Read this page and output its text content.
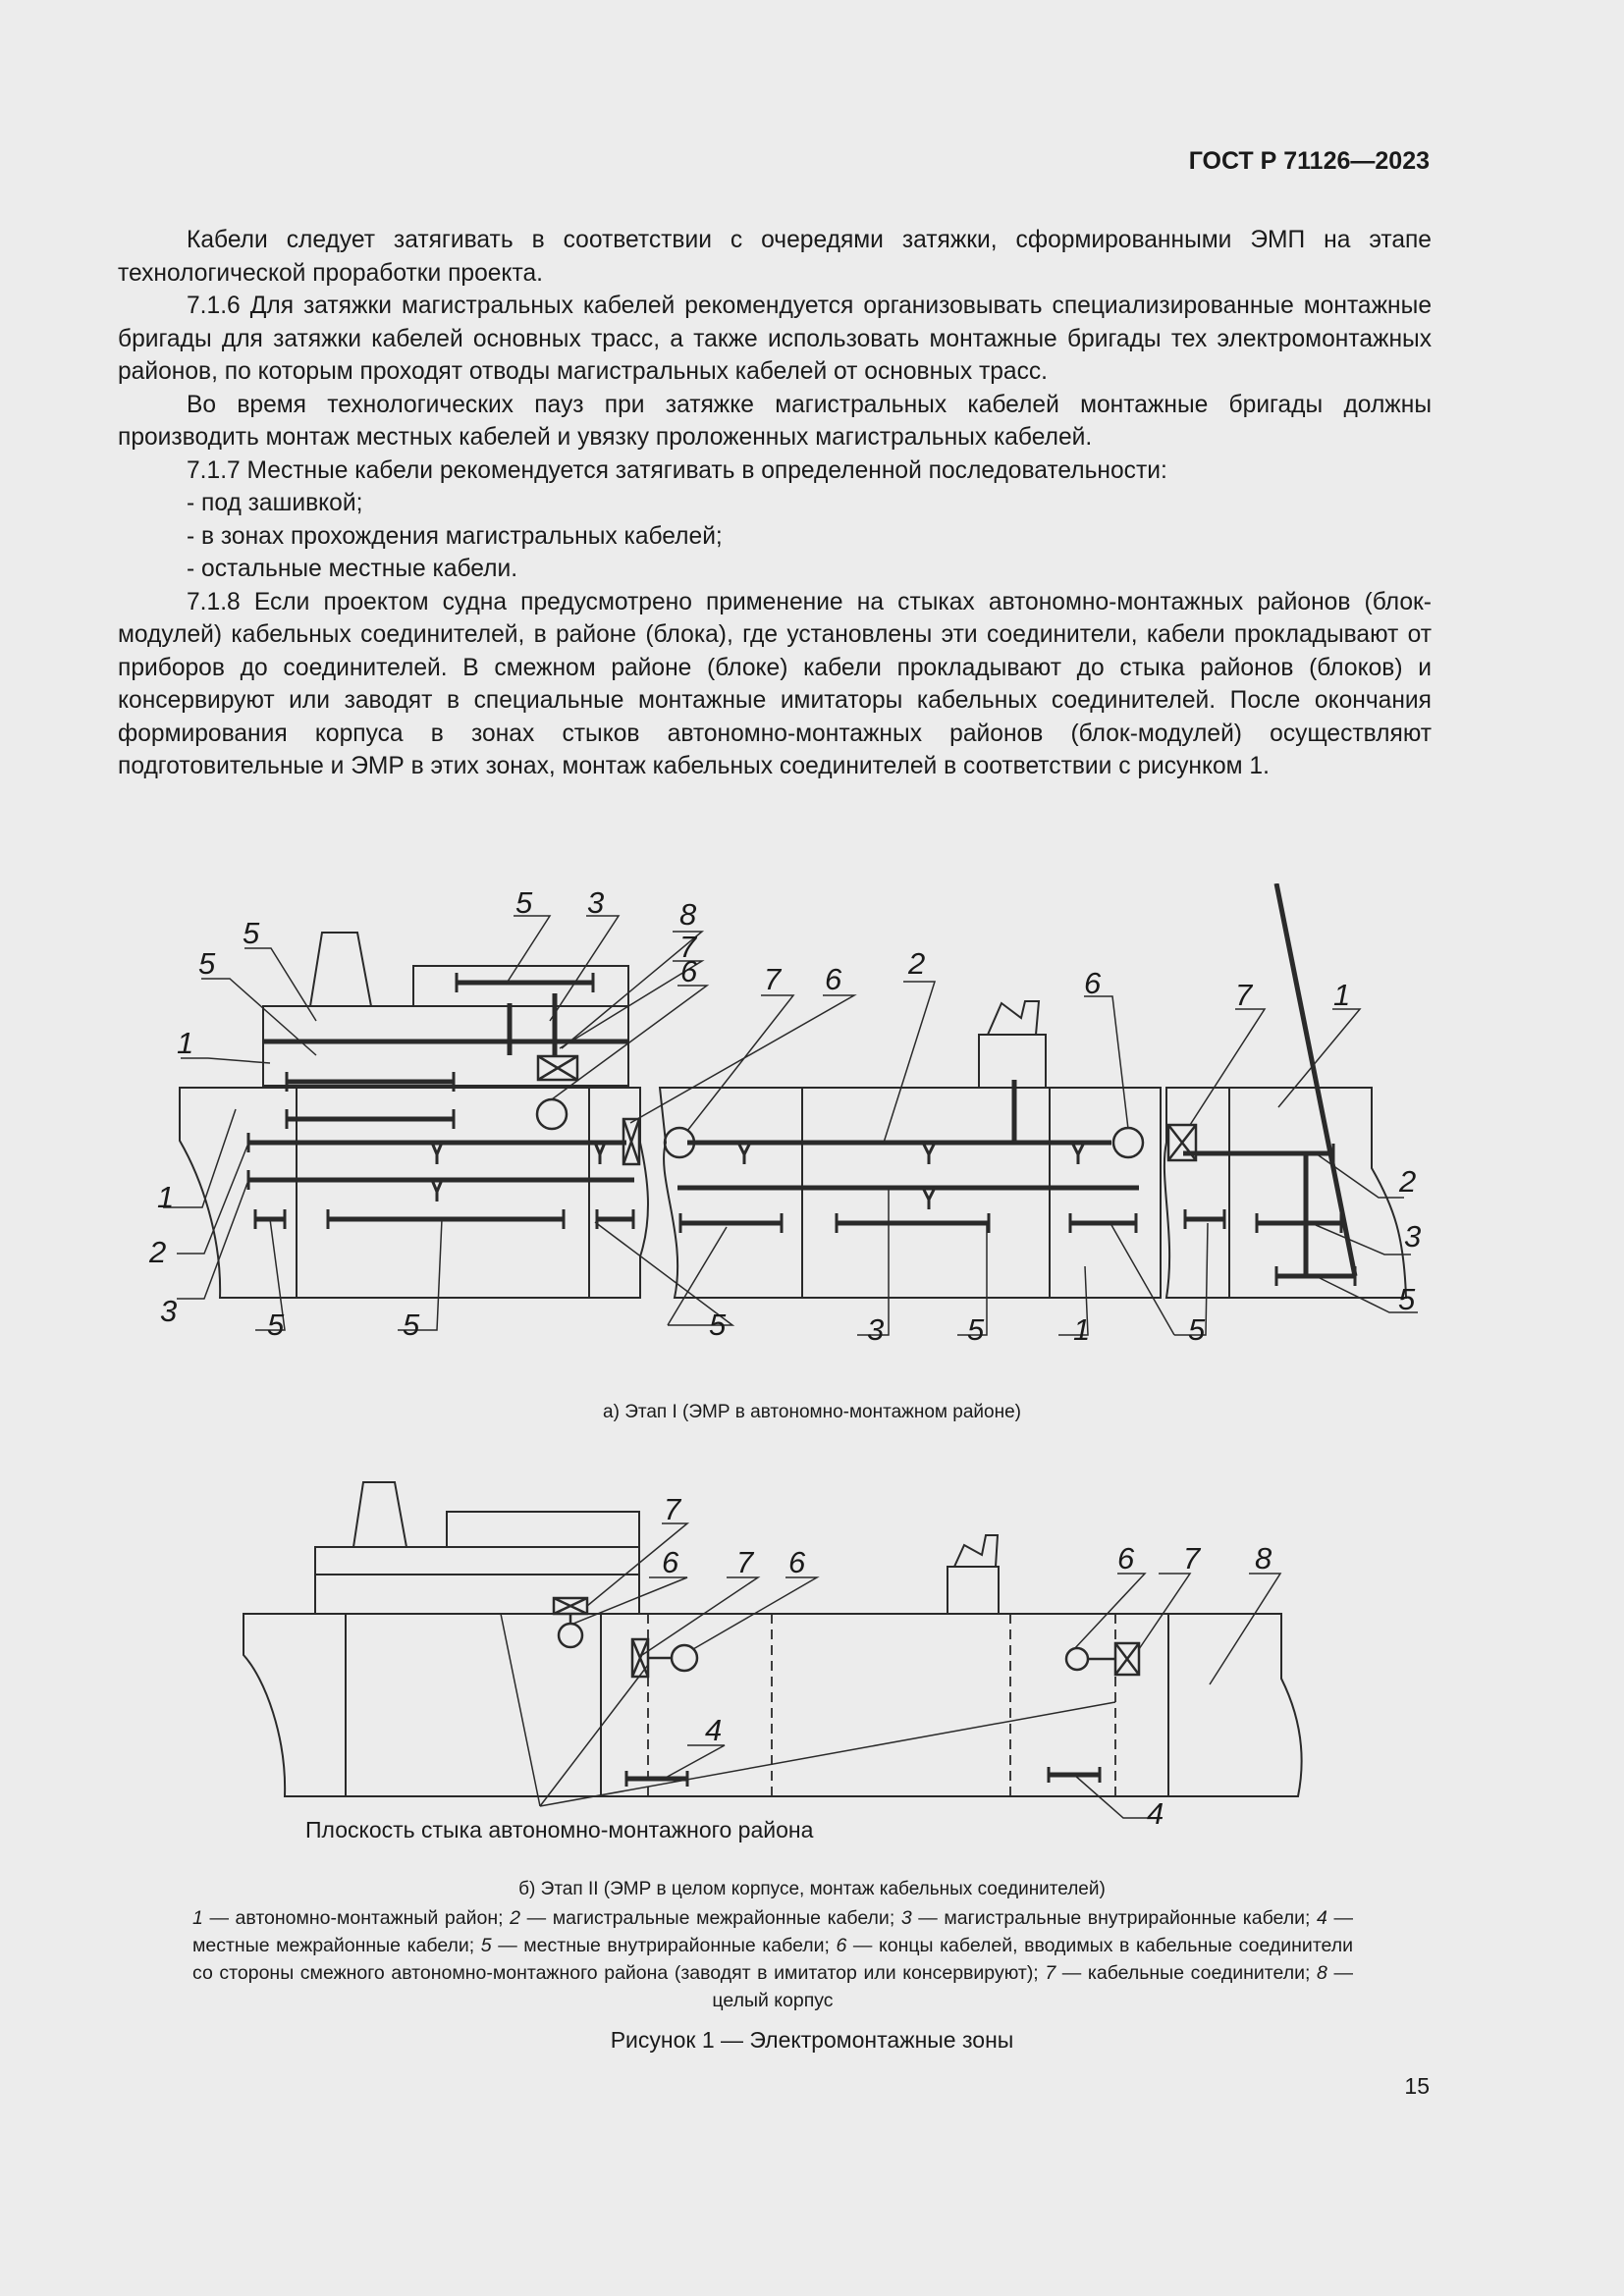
ГОСТ Р 71126—2023

Кабели следует затягивать в соответствии с очередями затяжки, сформированными ЭМП на этапе технологической проработки проекта.

7.1.6 Для затяжки магистральных кабелей рекомендуется организовывать специализированные монтажные бригады для затяжки кабелей основных трасс, а также использовать монтажные бригады тех электромонтажных районов, по которым проходят отводы магистральных кабелей от основных трасс.

Во время технологических пауз при затяжке магистральных кабелей монтажные бригады должны производить монтаж местных кабелей и увязку проложенных магистральных кабелей.

7.1.7 Местные кабели рекомендуется затягивать в определенной последовательности:

- под зашивкой;

- в зонах прохождения магистральных кабелей;

- остальные местные кабели.

7.1.8 Если проектом судна предусмотрено применение на стыках автономно-монтажных районов (блок-модулей) кабельных соединителей, в районе (блока), где установлены эти соединители, кабели прокладывают от приборов до соединителей. В смежном районе (блоке) кабели прокладывают до стыка районов (блоков) и консервируют или заводят в специальные монтажные имитаторы кабельных соединителей. После окончания формирования корпуса в зонах стыков автономно-монтажных районов (блок-модулей) осуществляют подготовительные и ЭМР в этих зонах, монтаж кабельных соединителей в соответствии с рисунком 1.

5
5
1
5 3 8
7
6 7 6 2
6	7	1
1
2
3	5	5	5	3	5	1	5
2
3
5
а) Этап I (ЭМР в автономно-монтажном районе)
7
6 7 6	6 7 8
4
4
Плоскость стыка автономно-монтажного района
б) Этап II (ЭМР в целом корпусе, монтаж кабельных соединителей)
1 — автономно-монтажный район; 2 — магистральные межрайонные кабели; 3 — магистральные внутрирайонные кабели; 4 — местные межрайонные кабели; 5 — местные внутрирайонные кабели; 6 — концы кабелей, вводимых в кабельные соединители со стороны смежного автономно-монтажного района (заводят в имитатор или консервируют); 7 — кабельные соединители; 8 — целый корпус
Рисунок 1 — Электромонтажные зоны
15
